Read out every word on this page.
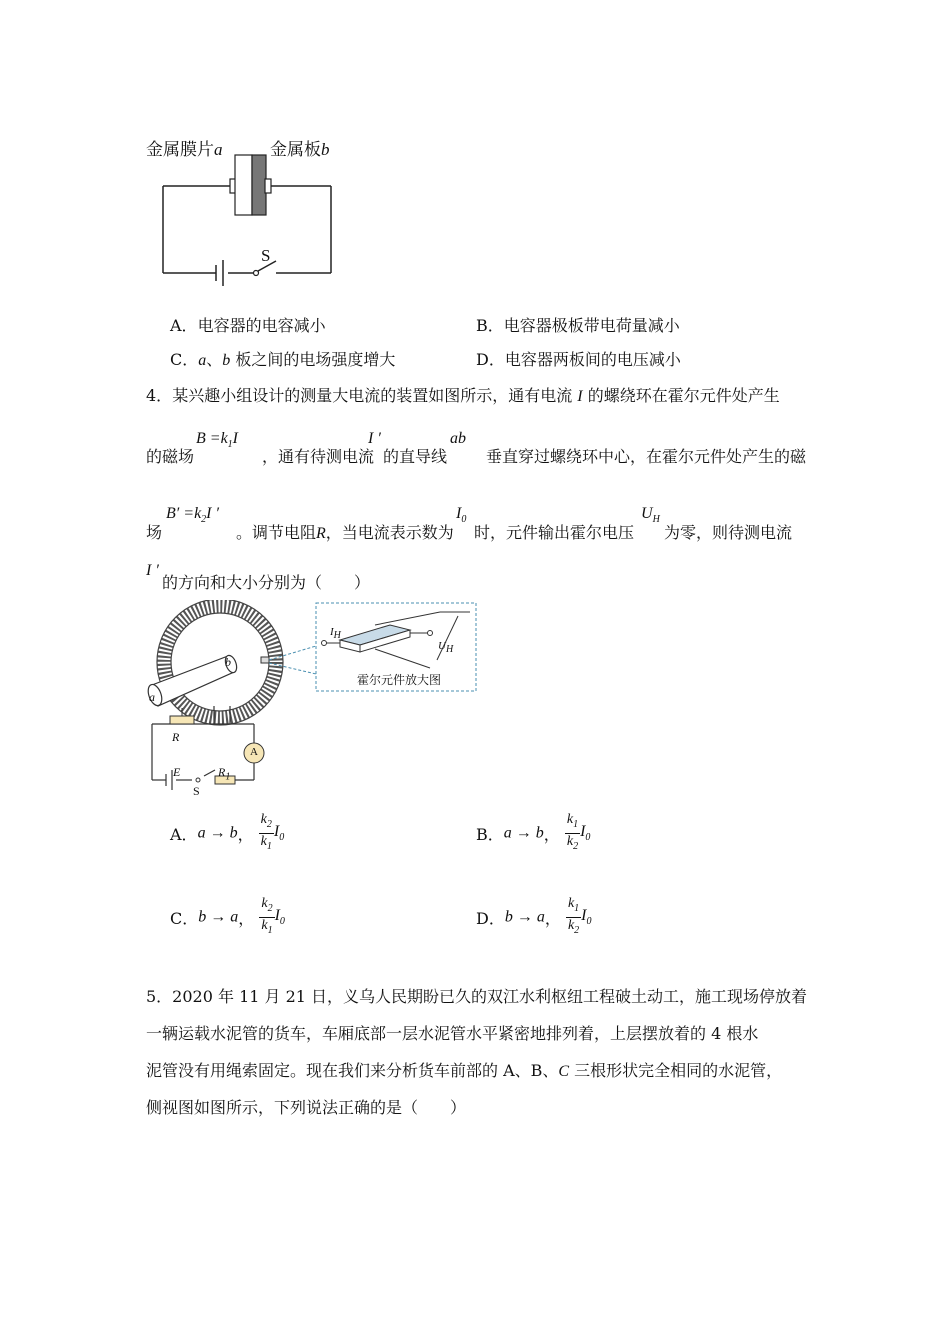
金属膜片a	金属板b
S
A．电容器的电容减小	B．电容器极板带电荷量减小
C．a、b 板之间的电场强度增大	D．电容器两板间的电压减小
4．某兴趣小组设计的测量大电流的装置如图所示，通有电流 I 的螺绕环在霍尔元件处产生
的磁场
$B =k_1I$
，通有待测电流
I ′
的直导线
ab
垂直穿过螺绕环中心，在霍尔元件处产生的磁
场
$B' =k_2I$ ′
。调节电阻R，当电流表示数为
$I_0$
时，元件输出霍尔电压
$U_H$
为零，则待测电流
I ′
的方向和大小分别为（　　）
霍尔元件放大图
$I_H$
$U_H$
a
b
R
A
E
S
$R_1$
A．a → b， $\frac{k_2}{k_1} I_0$	B．a → b， $\frac{k_1}{k_2} I_0$
C．b → a， $\frac{k_2}{k_1} I_0$	D．b → a， $\frac{k_1}{k_2} I_0$
5．2020 年 11 月 21 日，义乌人民期盼已久的双江水利枢纽工程破土动工，施工现场停放着
一辆运载水泥管的货车，车厢底部一层水泥管水平紧密地排列着，上层摆放着的 4 根水
泥管没有用绳索固定。现在我们来分析货车前部的 A、B、C 三根形状完全相同的水泥管，
侧视图如图所示，下列说法正确的是（　　）
